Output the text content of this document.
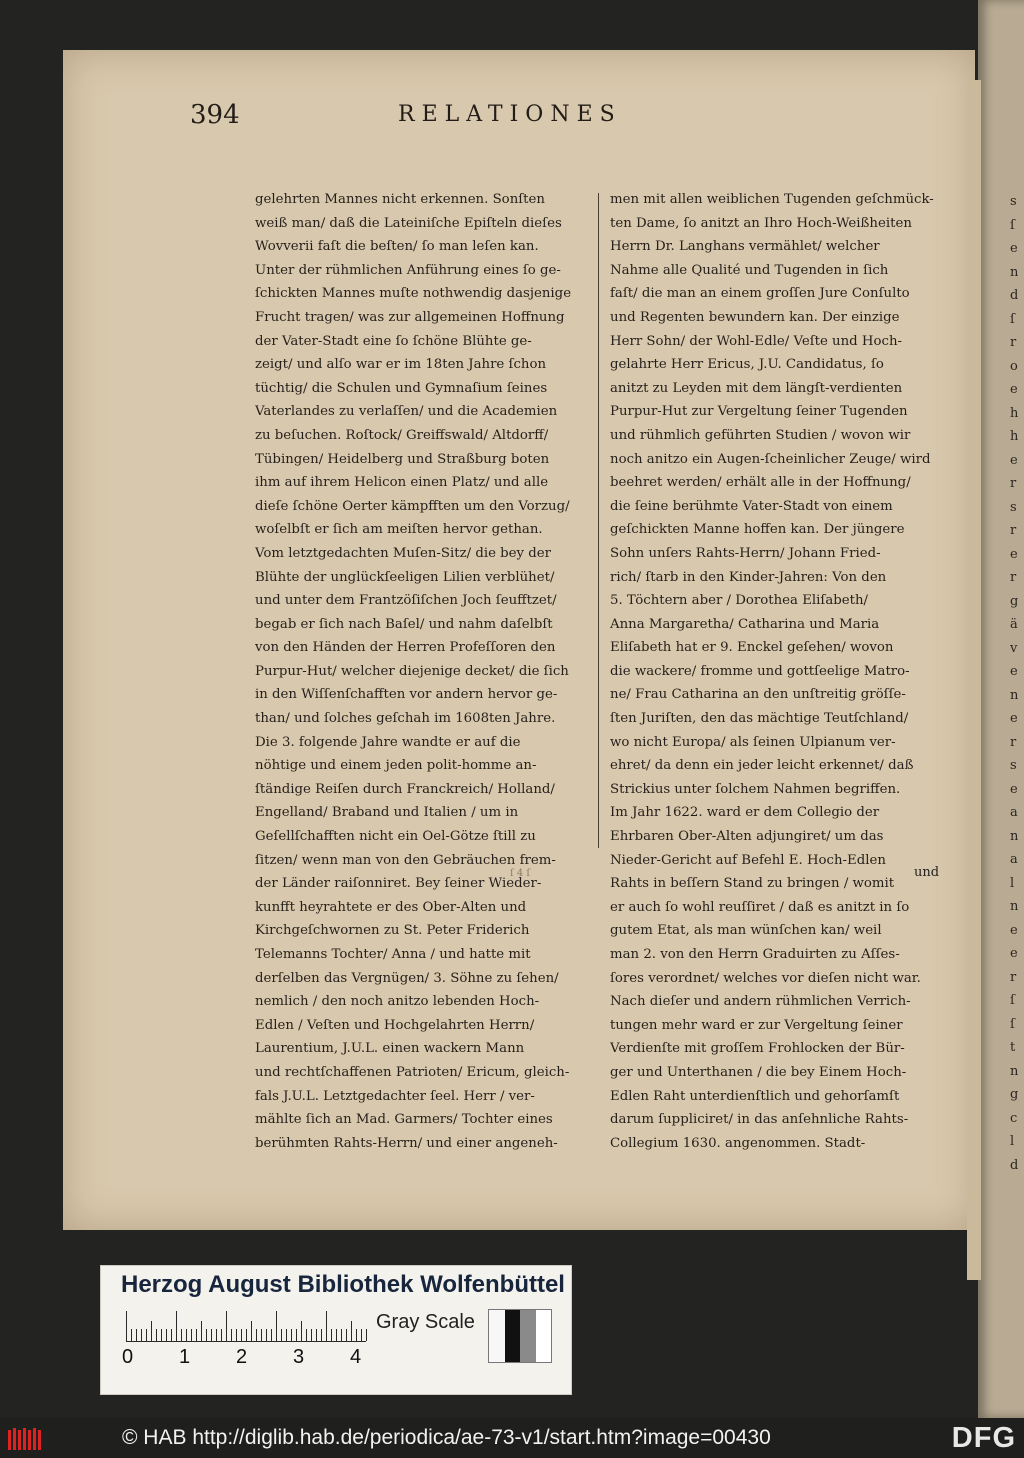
s
ſ
e
n
d
ſ
r
o
e
h
h
e
r
s
r
e
r
g
ä
v
e
n
e
r
s
e
a
n
a
l
n
e
e
r
ſ
ſ
t
n
g
c
l
d
394	RELATIONES
gelehrten Mannes nicht erkennen. Sonſten
weiß man/ daß die Lateiniſche Epiſteln dieſes
Wovverii faſt die beſten/ ſo man leſen kan.
Unter der rühmlichen Anführung eines ſo ge-
ſchickten Mannes muſte nothwendig dasjenige
Frucht tragen/ was zur allgemeinen Hoffnung
der Vater-Stadt eine ſo ſchöne Blühte ge-
zeigt/ und alſo war er im 18ten Jahre ſchon
tüchtig/ die Schulen und Gymnaſium ſeines
Vaterlandes zu verlaſſen/ und die Academien
zu beſuchen. Roſtock/ Greiffswald/ Altdorff/
Tübingen/ Heidelberg und Straßburg boten
ihm auf ihrem Helicon einen Platz/ und alle
dieſe ſchöne Oerter kämpfften um den Vorzug/
woſelbſt er ſich am meiſten hervor gethan.
Vom letztgedachten Muſen-Sitz/ die bey der
Blühte der unglückſeeligen Lilien verblühet/
und unter dem Frantzöſiſchen Joch ſeufftzet/
begab er ſich nach Baſel/ und nahm daſelbſt
von den Händen der Herren Profeſſoren den
Purpur-Hut/ welcher diejenige decket/ die ſich
in den Wiſſenſchafften vor andern hervor ge-
than/ und ſolches geſchah im 1608ten Jahre.
Die 3. folgende Jahre wandte er auf die
nöhtige und einem jeden polit-homme an-
ſtändige Reiſen durch Franckreich/ Holland/
Engelland/ Braband und Italien / um in
Geſellſchafften nicht ein Oel-Götze ſtill zu
ſitzen/ wenn man von den Gebräuchen frem-
der Länder raiſonniret. Bey ſeiner Wieder-
kunfft heyrahtete er des Ober-Alten und
Kirchgeſchwornen zu St. Peter Friderich
Telemanns Tochter/ Anna / und hatte mit
derſelben das Vergnügen/ 3. Söhne zu ſehen/
nemlich / den noch anitzo lebenden Hoch-
Edlen / Veſten und Hochgelahrten Herrn/
Laurentium, J.U.L. einen wackern Mann
und rechtſchaffenen Patrioten/ Ericum, gleich-
fals J.U.L. Letztgedachter ſeel. Herr / ver-
mählte ſich an Mad. Garmers/ Tochter eines
berühmten Rahts-Herrn/ und einer angeneh-
men mit allen weiblichen Tugenden geſchmück-
ten Dame, ſo anitzt an Ihro Hoch-Weißheiten
Herrn Dr. Langhans vermählet/ welcher
Nahme alle Qualité und Tugenden in ſich
faſt/ die man an einem groſſen Jure Conſulto
und Regenten bewundern kan. Der einzige
Herr Sohn/ der Wohl-Edle/ Veſte und Hoch-
gelahrte Herr Ericus, J.U. Candidatus, ſo
anitzt zu Leyden mit dem längſt-verdienten
Purpur-Hut zur Vergeltung ſeiner Tugenden
und rühmlich geführten Studien / wovon wir
noch anitzo ein Augen-ſcheinlicher Zeuge/ wird
beehret werden/ erhält alle in der Hoffnung/
die ſeine berühmte Vater-Stadt von einem
geſchickten Manne hoffen kan. Der jüngere
Sohn unſers Rahts-Herrn/ Johann Fried-
rich/ ſtarb in den Kinder-Jahren: Von den
5. Töchtern aber / Dorothea Eliſabeth/
Anna Margaretha/ Catharina und Maria
Eliſabeth hat er 9. Enckel geſehen/ wovon
die wackere/ fromme und gottſeelige Matro-
ne/ Frau Catharina an den unſtreitig gröſſe-
ſten Juriſten, den das mächtige Teutſchland/
wo nicht Europa/ als ſeinen Ulpianum ver-
ehret/ da denn ein jeder leicht erkennet/ daß
Strickius unter ſolchem Nahmen begriffen.
Im Jahr 1622. ward er dem Collegio der
Ehrbaren Ober-Alten adjungiret/ um das
Nieder-Gericht auf Befehl E. Hoch-Edlen
Rahts in beſſern Stand zu bringen / womit
er auch ſo wohl reuſſiret / daß es anitzt in ſo
gutem Etat, als man wünſchen kan/ weil
man 2. von den Herrn Graduirten zu Aſſes-
ſores verordnet/ welches vor dieſen nicht war.
Nach dieſer und andern rühmlichen Verrich-
tungen mehr ward er zur Vergeltung ſeiner
Verdienſte mit groſſem Frohlocken der Bür-
ger und Unterthanen / die bey Einem Hoch-
Edlen Raht unterdienſtlich und gehorſamſt
darum ſuppliciret/ in das anſehnliche Rahts-
Collegium 1630. angenommen. Stadt-
ſ 4 ſ	und
Herzog August Bibliothek Wolfenbüttel
0 1 2 3 4
Gray Scale
© HAB http://diglib.hab.de/periodica/ae-73-v1/start.htm?image=00430	DFG
